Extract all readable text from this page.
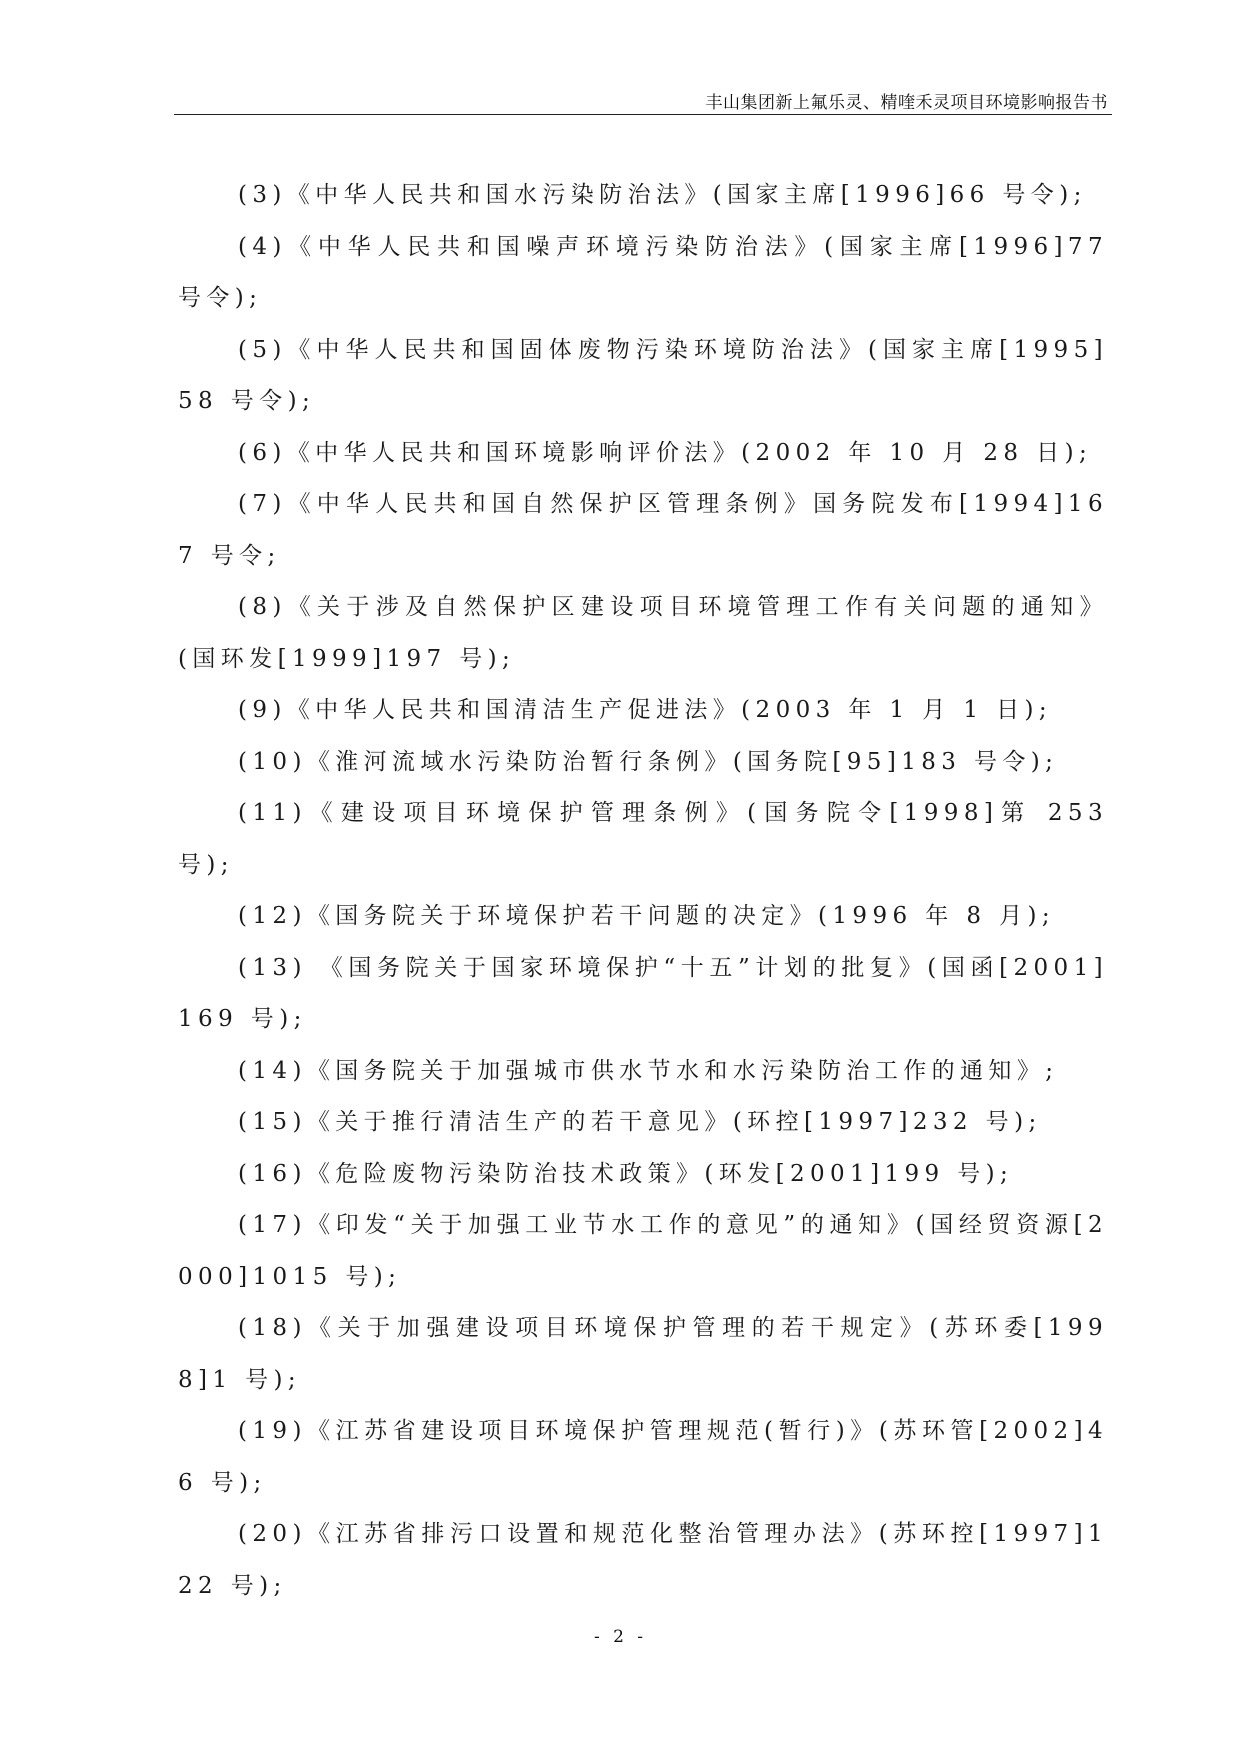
丰山集团新上氟乐灵、精喹禾灵项目环境影响报告书

(3)《中华人民共和国水污染防治法》(国家主席[1996]66 号令);

(4)《中华人民共和国噪声环境污染防治法》(国家主席[1996]77 号令);

(5)《中华人民共和国固体废物污染环境防治法》(国家主席[1995]58 号令);

(6)《中华人民共和国环境影响评价法》(2002 年 10 月 28 日);

(7)《中华人民共和国自然保护区管理条例》国务院发布[1994]167 号令;

(8)《关于涉及自然保护区建设项目环境管理工作有关问题的通知》(国环发[1999]197 号);

(9)《中华人民共和国清洁生产促进法》(2003 年 1 月 1 日);

(10)《淮河流域水污染防治暂行条例》(国务院[95]183 号令);

(11)《建设项目环境保护管理条例》(国务院令[1998]第 253 号);

(12)《国务院关于环境保护若干问题的决定》(1996 年 8 月);

(13) 《国务院关于国家环境保护“十五”计划的批复》(国函[2001]169 号);

(14)《国务院关于加强城市供水节水和水污染防治工作的通知》;

(15)《关于推行清洁生产的若干意见》(环控[1997]232 号);

(16)《危险废物污染防治技术政策》(环发[2001]199 号);

(17)《印发“关于加强工业节水工作的意见”的通知》(国经贸资源[2000]1015 号);

(18)《关于加强建设项目环境保护管理的若干规定》(苏环委[1998]1 号);

(19)《江苏省建设项目环境保护管理规范(暂行)》(苏环管[2002]46 号);

(20)《江苏省排污口设置和规范化整治管理办法》(苏环控[1997]122 号);

- 2 -
